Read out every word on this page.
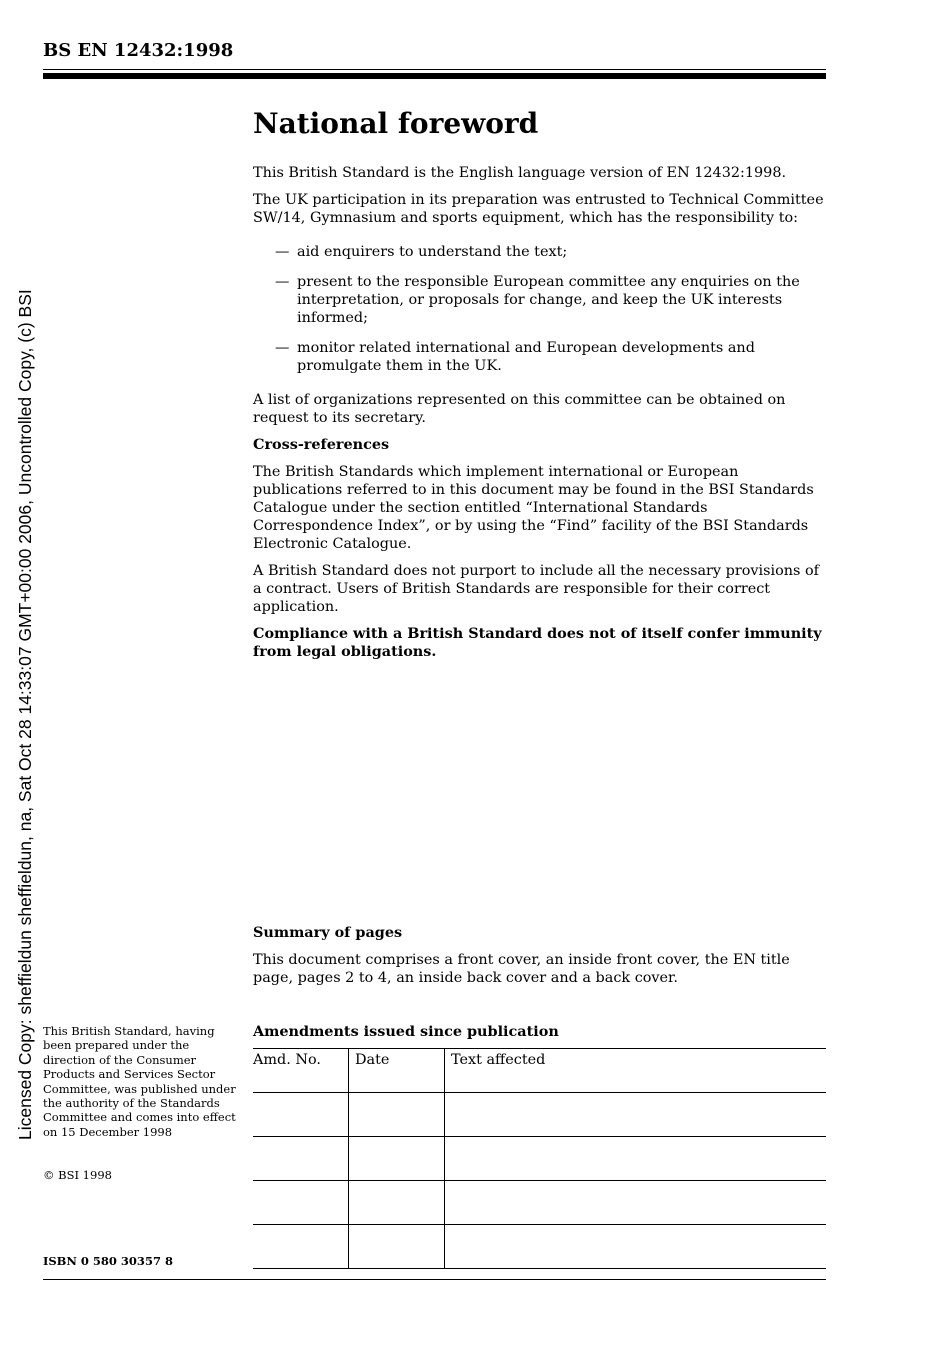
BS EN 12432:1998
Licensed Copy: sheffieldun sheffieldun, na, Sat Oct 28 14:33:07 GMT+00:00 2006, Uncontrolled Copy, (c) BSI
National foreword

This British Standard is the English language version of EN 12432:1998.

The UK participation in its preparation was entrusted to Technical Committee SW/14, Gymnasium and sports equipment, which has the responsibility to:

— aid enquirers to understand the text;
— present to the responsible European committee any enquiries on the interpretation, or proposals for change, and keep the UK interests informed;
— monitor related international and European developments and promulgate them in the UK.

A list of organizations represented on this committee can be obtained on request to its secretary.

Cross-references

The British Standards which implement international or European publications referred to in this document may be found in the BSI Standards Catalogue under the section entitled “International Standards Correspondence Index”, or by using the “Find” facility of the BSI Standards Electronic Catalogue.

A British Standard does not purport to include all the necessary provisions of a contract. Users of British Standards are responsible for their correct application.

Compliance with a British Standard does not of itself confer immunity from legal obligations.

Summary of pages

This document comprises a front cover, an inside front cover, the EN title page, pages 2 to 4, an inside back cover and a back cover.

Amendments issued since publication
Amd. No.	Date	Text affected

This British Standard, having been prepared under the direction of the Consumer Products and Services Sector Committee, was published under the authority of the Standards Committee and comes into effect on 15 December 1998
© BSI 1998
ISBN 0 580 30357 8
